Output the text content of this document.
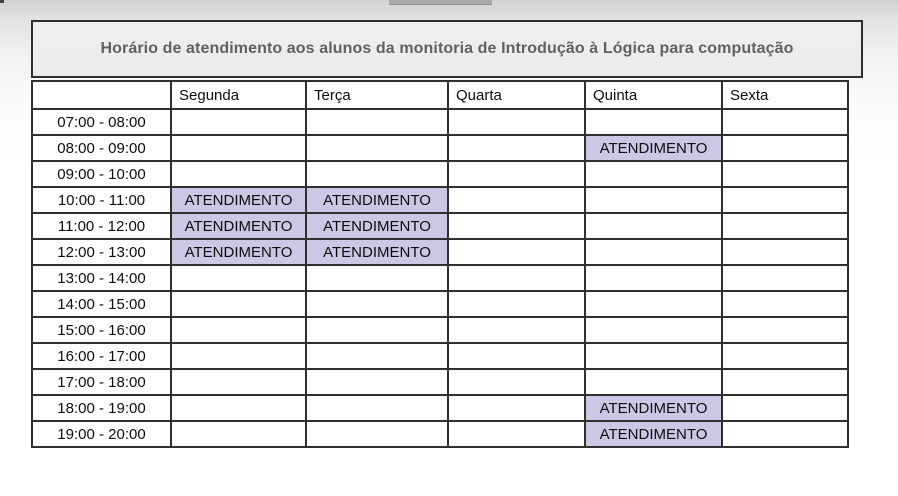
Horário de atendimento aos alunos da monitoria de Introdução à Lógica para computação
	Segunda	Terça	Quarta	Quinta	Sexta
07:00 - 08:00					
08:00 - 09:00				ATENDIMENTO	
09:00 - 10:00					
10:00 - 11:00	ATENDIMENTO	ATENDIMENTO			
11:00 - 12:00	ATENDIMENTO	ATENDIMENTO			
12:00 - 13:00	ATENDIMENTO	ATENDIMENTO			
13:00 - 14:00					
14:00 - 15:00					
15:00 - 16:00					
16:00 - 17:00					
17:00 - 18:00					
18:00 - 19:00				ATENDIMENTO	
19:00 - 20:00				ATENDIMENTO	
